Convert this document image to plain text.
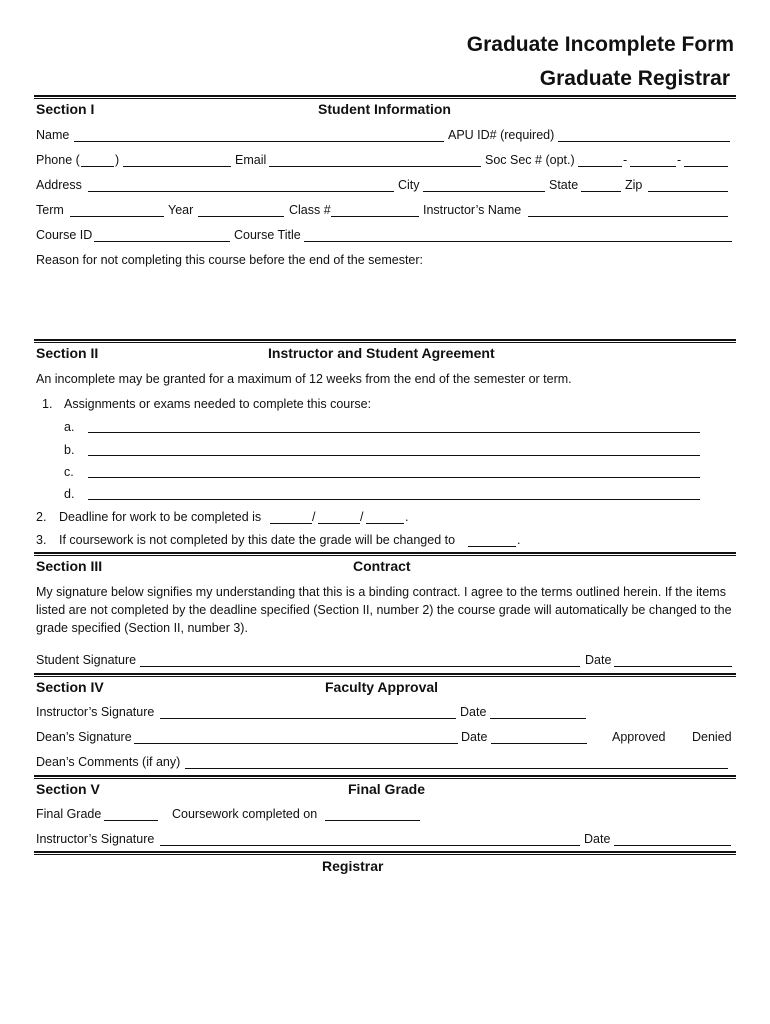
Graduate Incomplete Form
Graduate Registrar
Section I	Student Information
Name	APU ID# (required)
Phone (	)	Email	Soc Sec # (opt.)	-	-
Address	City	State	Zip
Term	Year	Class #	Instructor’s Name
Course ID	Course Title
Reason for not completing this course before the end of the semester:
Section II	Instructor and Student Agreement
An incomplete may be granted for a maximum of 12 weeks from the end of the semester or term.
1. Assignments or exams needed to complete this course:
a.
b.
c.
d.
2. Deadline for work to be completed is	/	/	.
3. If coursework is not completed by this date the grade will be changed to	.
Section III	Contract
My signature below signifies my understanding that this is a binding contract. I agree to the terms outlined herein. If the items listed are not completed by the deadline specified (Section II, number 2) the course grade will automatically be changed to the grade specified (Section II, number 3).
Student Signature	Date
Section IV	Faculty Approval
Instructor’s Signature	Date
Dean’s Signature	Date	Approved Denied
Dean’s Comments (if any)
Section V	Final Grade
Final Grade	Coursework completed on
Instructor’s Signature	Date
Registrar
